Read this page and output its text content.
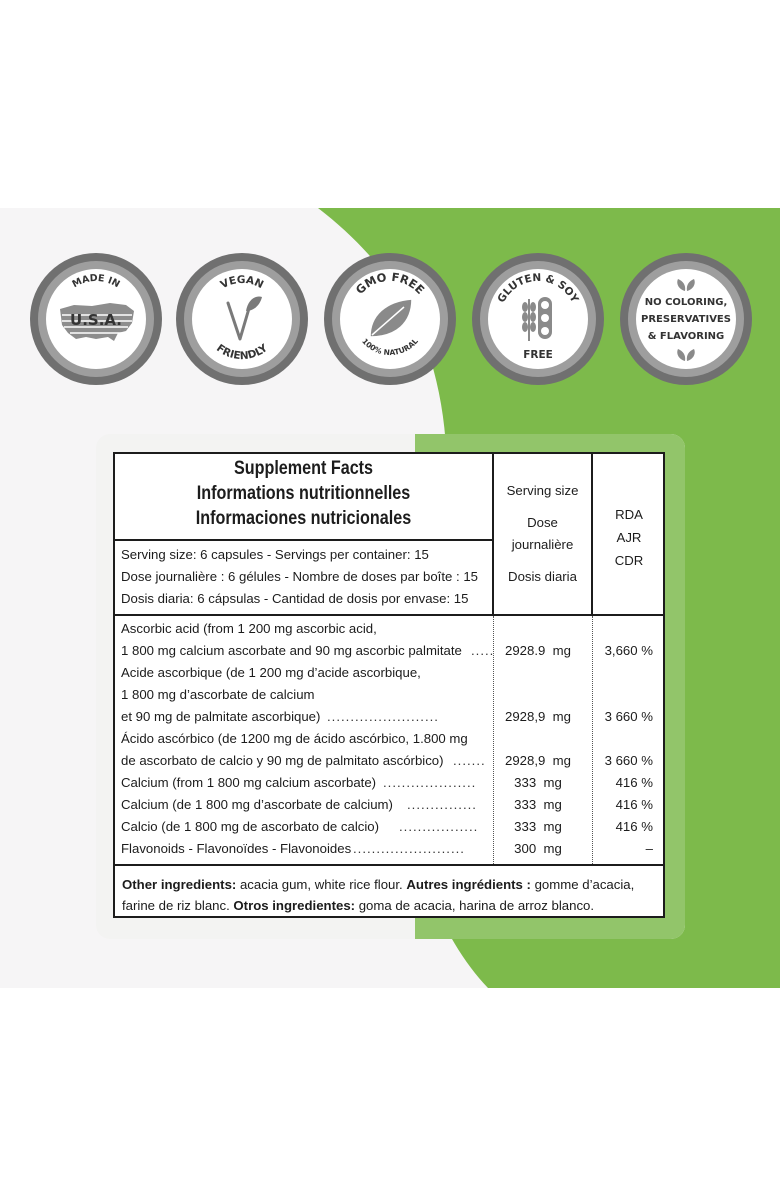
MADE IN
U.S.A.
VEGAN
FRIENDLY
GMO FREE
100% NATURAL
GLUTEN & SOY
FREE
NO COLORING,
PRESERVATIVES
& FLAVORING
Supplement Facts
Informations nutritionnelles
Informaciones nutricionales
Serving size: 6 capsules - Servings per container: 15
Dose journalière : 6 gélules - Nombre de doses par boîte : 15
Dosis diaria: 6 cápsulas - Cantidad de dosis por envase: 15
Serving size
Dose
journalière
Dosis diaria
RDA
AJR
CDR
Ascorbic acid (from 1 200 mg ascorbic acid,
1 800 mg calcium ascorbate and 90 mg ascorbic palmitate ..... 2928.9 mg	3,660 %
Acide ascorbique (de 1 200 mg d’acide ascorbique,
1 800 mg d’ascorbate de calcium
et 90 mg de palmitate ascorbique) ........................	2928,9 mg	3 660 %
Ácido ascórbico (de 1200 mg de ácido ascórbico, 1.800 mg
de ascorbato de calcio y 90 mg de palmitato ascórbico) .......	2928,9 mg	3 660 %
Calcium (from 1 800 mg calcium ascorbate) ....................	333 mg	416 %
Calcium (de 1 800 mg d’ascorbate de calcium) ...............	333 mg	416 %
Calcio (de 1 800 mg de ascorbato de calcio) .................	333 mg	416 %
Flavonoids - Flavonoïdes - Flavonoides ........................	300 mg	–
Other ingredients: acacia gum, white rice flour. Autres ingrédients : gomme d’acacia, farine de riz blanc. Otros ingredientes: goma de acacia, harina de arroz blanco.
